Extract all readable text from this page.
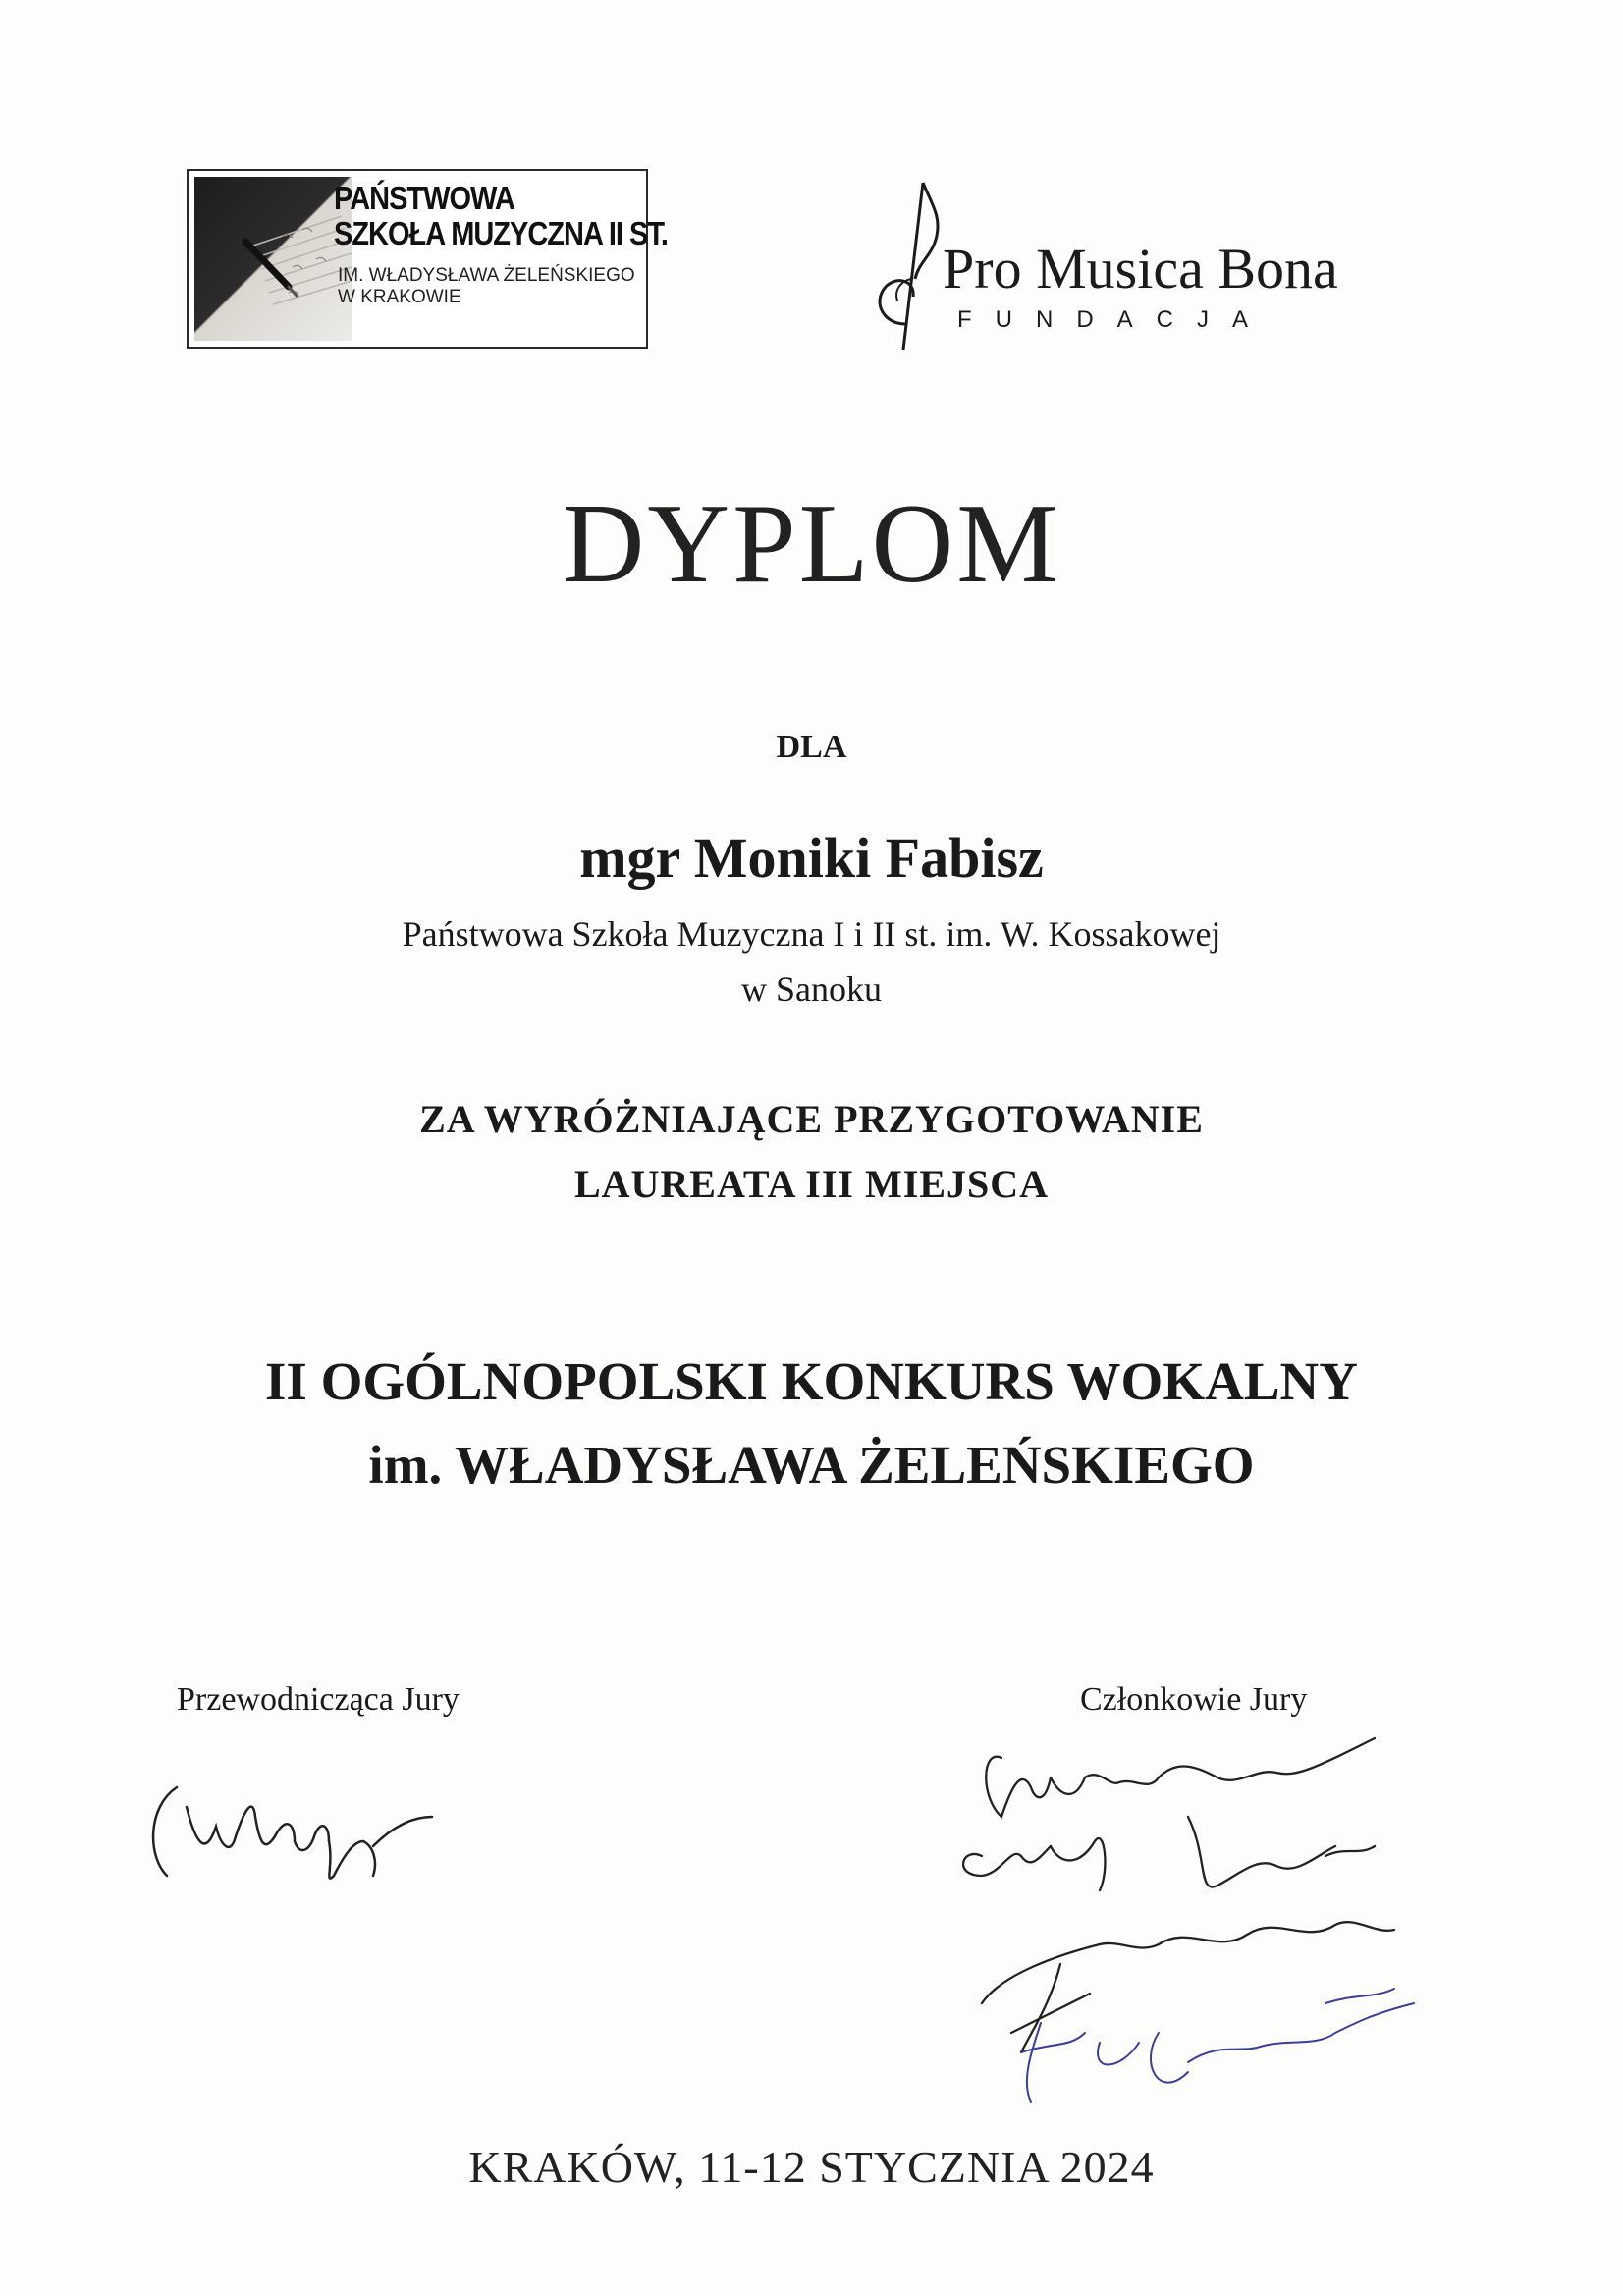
PAŃSTWOWA
SZKOŁA MUZYCZNA II ST.
IM. WŁADYSŁAWA ŻELEŃSKIEGO
W KRAKOWIE	Pro Musica Bona
FUNDACJA
DYPLOM
DLA
mgr Moniki Fabisz
Państwowa Szkoła Muzyczna I i II st. im. W. Kossakowej
w Sanoku
ZA WYRÓŻNIAJĄCE PRZYGOTOWANIE
LAUREATA III MIEJSCA
II OGÓLNOPOLSKI KONKURS WOKALNY
im. WŁADYSŁAWA ŻELEŃSKIEGO
Przewodnicząca Jury	Członkowie Jury
KRAKÓW, 11-12 STYCZNIA 2024
